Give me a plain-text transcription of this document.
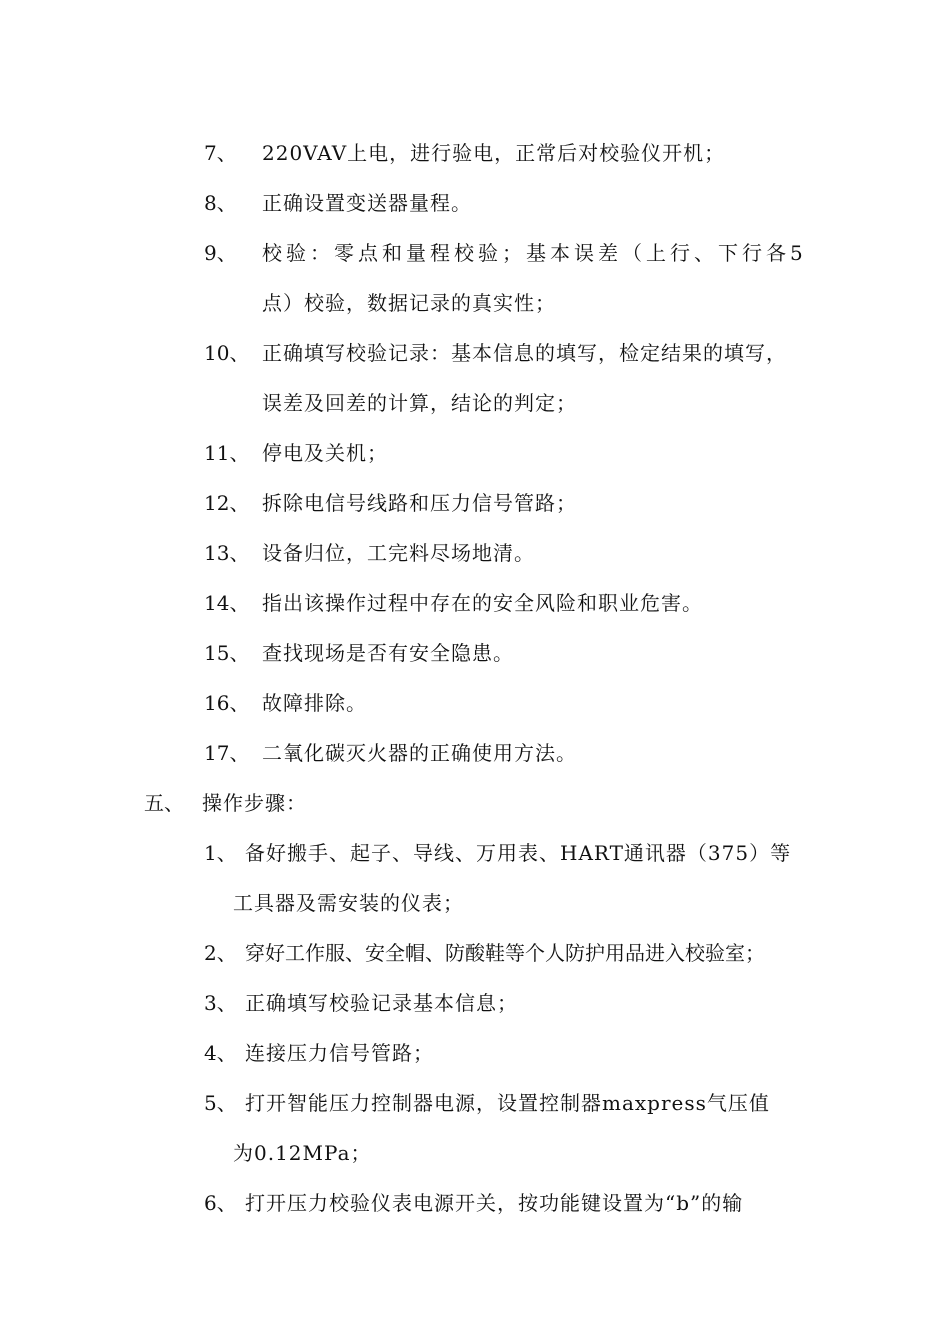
7、 220VAV上电，进行验电，正常后对校验仪开机；
8、 正确设置变送器量程。
9、 校验：零点和量程校验；基本误差（上行、下行各5
点）校验，数据记录的真实性；
10、 正确填写校验记录：基本信息的填写，检定结果的填写，
误差及回差的计算，结论的判定；
11、 停电及关机；
12、 拆除电信号线路和压力信号管路；
13、 设备归位，工完料尽场地清。
14、 指出该操作过程中存在的安全风险和职业危害。
15、 查找现场是否有安全隐患。
16、 故障排除。
17、 二氧化碳灭火器的正确使用方法。
五、 操作步骤：
1、 备好搬手、起子、导线、万用表、HART通讯器（375）等
工具器及需安装的仪表；
2、 穿好工作服、安全帽、防酸鞋等个人防护用品进入校验室；
3、 正确填写校验记录基本信息；
4、 连接压力信号管路；
5、 打开智能压力控制器电源，设置控制器maxpress气压值
为0.12MPa；
6、 打开压力校验仪表电源开关，按功能键设置为“b”的输
